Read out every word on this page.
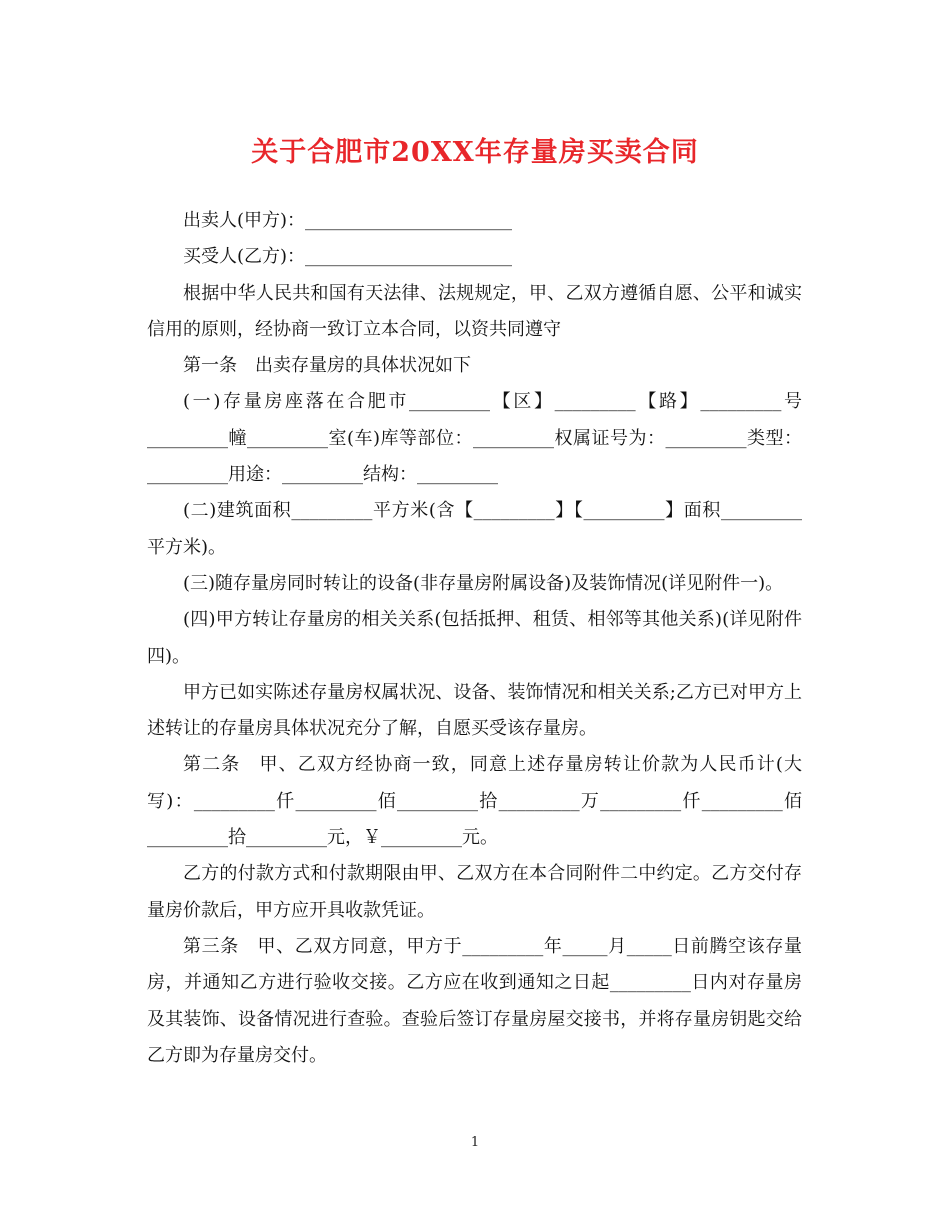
关于合肥市20XX年存量房买卖合同

出卖人(甲方)：_______________________

买受人(乙方)：_______________________

根据中华人民共和国有天法律、法规规定，甲、乙双方遵循自愿、公平和诚实信用的原则，经协商一致订立本合同，以资共同遵守

第一条　出卖存量房的具体状况如下

(一)存量房座落在合肥市_________【区】_________【路】_________号_________幢_________室(车)库等部位：_________权属证号为：_________类型：_________用途：_________结构：_________

(二)建筑面积_________平方米(含【_________】【_________】面积_________平方米)。

(三)随存量房同时转让的设备(非存量房附属设备)及装饰情况(详见附件一)。

(四)甲方转让存量房的相关关系(包括抵押、租赁、相邻等其他关系)(详见附件四)。

甲方已如实陈述存量房权属状况、设备、装饰情况和相关关系;乙方已对甲方上述转让的存量房具体状况充分了解，自愿买受该存量房。

第二条　甲、乙双方经协商一致，同意上述存量房转让价款为人民币计(大写)：_________仟_________佰_________拾_________万_________仟_________佰_________拾_________元，￥_________元。

乙方的付款方式和付款期限由甲、乙双方在本合同附件二中约定。乙方交付存量房价款后，甲方应开具收款凭证。

第三条　甲、乙双方同意，甲方于_________年_____月_____日前腾空该存量房，并通知乙方进行验收交接。乙方应在收到通知之日起_________日内对存量房及其装饰、设备情况进行查验。查验后签订存量房屋交接书，并将存量房钥匙交给乙方即为存量房交付。

1
